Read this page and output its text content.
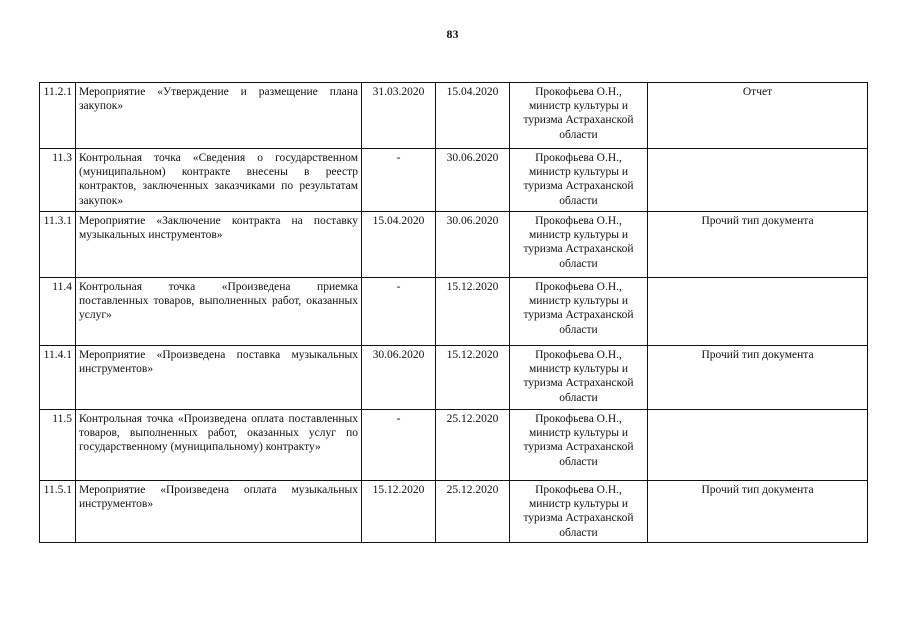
83
11.2.1	Мероприятие «Утверждение и размещение плана закупок»	31.03.2020	15.04.2020	Прокофьева О.Н., министр культуры и туризма Астраханской области	Отчет
11.3	Контрольная точка «Сведения о государственном (муниципальном) контракте внесены в реестр контрактов, заключенных заказчиками по результатам закупок»	-	30.06.2020	Прокофьева О.Н., министр культуры и туризма Астраханской области	
11.3.1	Мероприятие «Заключение контракта на поставку музыкальных инструментов»	15.04.2020	30.06.2020	Прокофьева О.Н., министр культуры и туризма Астраханской области	Прочий тип документа
11.4	Контрольная точка «Произведена приемка поставленных товаров, выполненных работ, оказанных услуг»	-	15.12.2020	Прокофьева О.Н., министр культуры и туризма Астраханской области	
11.4.1	Мероприятие «Произведена поставка музыкальных инструментов»	30.06.2020	15.12.2020	Прокофьева О.Н., министр культуры и туризма Астраханской области	Прочий тип документа
11.5	Контрольная точка «Произведена оплата поставленных товаров, выполненных работ, оказанных услуг по государственному (муниципальному) контракту»	-	25.12.2020	Прокофьева О.Н., министр культуры и туризма Астраханской области	
11.5.1	Мероприятие «Произведена оплата музыкальных инструментов»	15.12.2020	25.12.2020	Прокофьева О.Н., министр культуры и туризма Астраханской области	Прочий тип документа
